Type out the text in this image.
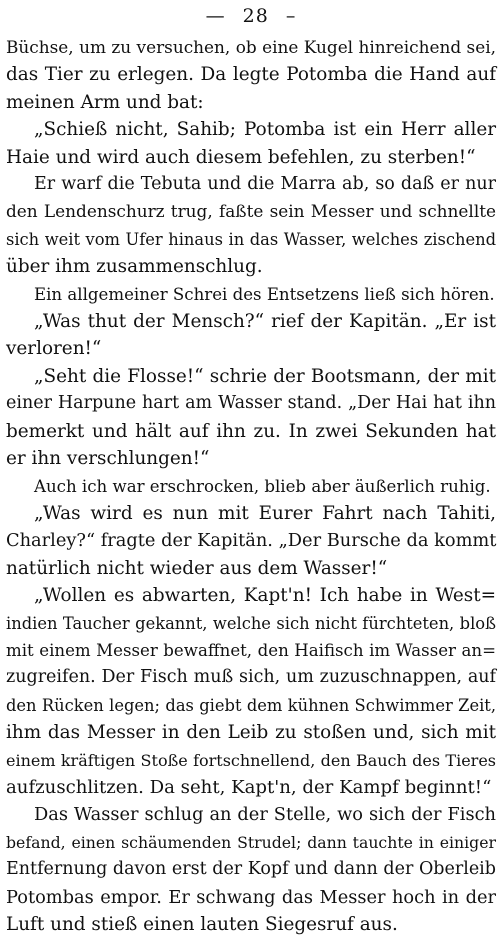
— 28 –
Büchse, um zu versuchen, ob eine Kugel hinreichend sei,
das Tier zu erlegen. Da legte Potomba die Hand auf
meinen Arm und bat:
„Schieß nicht, Sahib; Potomba ist ein Herr aller
Haie und wird auch diesem befehlen, zu sterben!“
Er warf die Tebuta und die Marra ab, so daß er nur
den Lendenschurz trug, faßte sein Messer und schnellte
sich weit vom Ufer hinaus in das Wasser, welches zischend
über ihm zusammenschlug.
Ein allgemeiner Schrei des Entsetzens ließ sich hören.
„Was thut der Mensch?“ rief der Kapitän. „Er ist
verloren!“
„Seht die Flosse!“ schrie der Bootsmann, der mit
einer Harpune hart am Wasser stand. „Der Hai hat ihn
bemerkt und hält auf ihn zu. In zwei Sekunden hat
er ihn verschlungen!“
Auch ich war erschrocken, blieb aber äußerlich ruhig.
„Was wird es nun mit Eurer Fahrt nach Tahiti,
Charley?“ fragte der Kapitän. „Der Bursche da kommt
natürlich nicht wieder aus dem Wasser!“
„Wollen es abwarten, Kapt'n! Ich habe in West=
indien Taucher gekannt, welche sich nicht fürchteten, bloß
mit einem Messer bewaffnet, den Haifisch im Wasser an=
zugreifen. Der Fisch muß sich, um zuzuschnappen, auf
den Rücken legen; das giebt dem kühnen Schwimmer Zeit,
ihm das Messer in den Leib zu stoßen und, sich mit
einem kräftigen Stoße fortschnellend, den Bauch des Tieres
aufzuschlitzen. Da seht, Kapt'n, der Kampf beginnt!“
Das Wasser schlug an der Stelle, wo sich der Fisch
befand, einen schäumenden Strudel; dann tauchte in einiger
Entfernung davon erst der Kopf und dann der Oberleib
Potombas empor. Er schwang das Messer hoch in der
Luft und stieß einen lauten Siegesruf aus.
